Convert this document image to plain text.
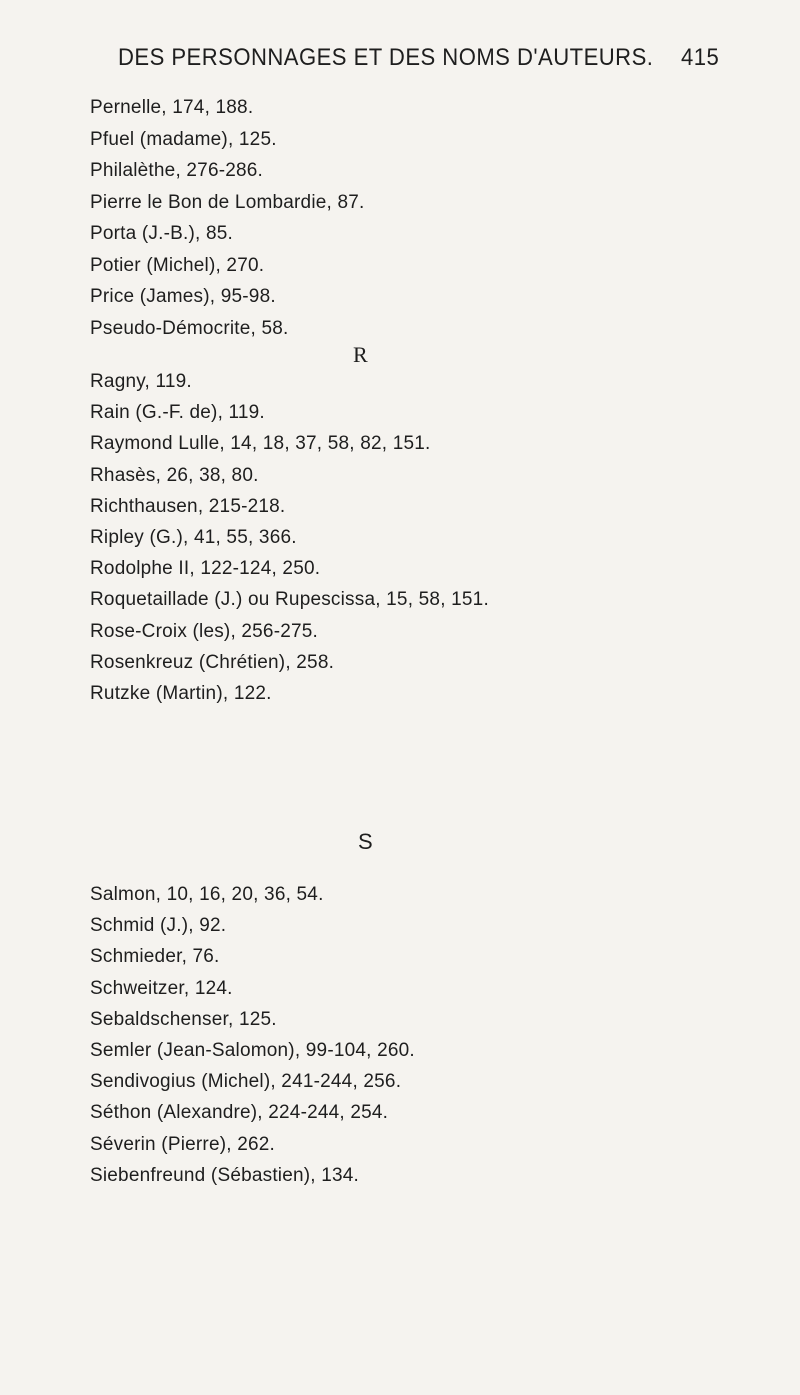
DES PERSONNAGES ET DES NOMS D'AUTEURS. 415
Pernelle, 174, 188.
Pfuel (madame), 125.
Philalèthe, 276-286.
Pierre le Bon de Lombardie, 87.
Porta (J.-B.), 85.
Potier (Michel), 270.
Price (James), 95-98.
Pseudo-Démocrite, 58.
R
Ragny, 119.
Rain (G.-F. de), 119.
Raymond Lulle, 14, 18, 37, 58, 82, 151.
Rhasès, 26, 38, 80.
Richthausen, 215-218.
Ripley (G.), 41, 55, 366.
Rodolphe II, 122-124, 250.
Roquetaillade (J.) ou Rupescissa, 15, 58, 151.
Rose-Croix (les), 256-275.
Rosenkreuz (Chrétien), 258.
Rutzke (Martin), 122.
S
Salmon, 10, 16, 20, 36, 54.
Schmid (J.), 92.
Schmieder, 76.
Schweitzer, 124.
Sebaldschenser, 125.
Semler (Jean-Salomon), 99-104, 260.
Sendivogius (Michel), 241-244, 256.
Séthon (Alexandre), 224-244, 254.
Séverin (Pierre), 262.
Siebenfreund (Sébastien), 134.
